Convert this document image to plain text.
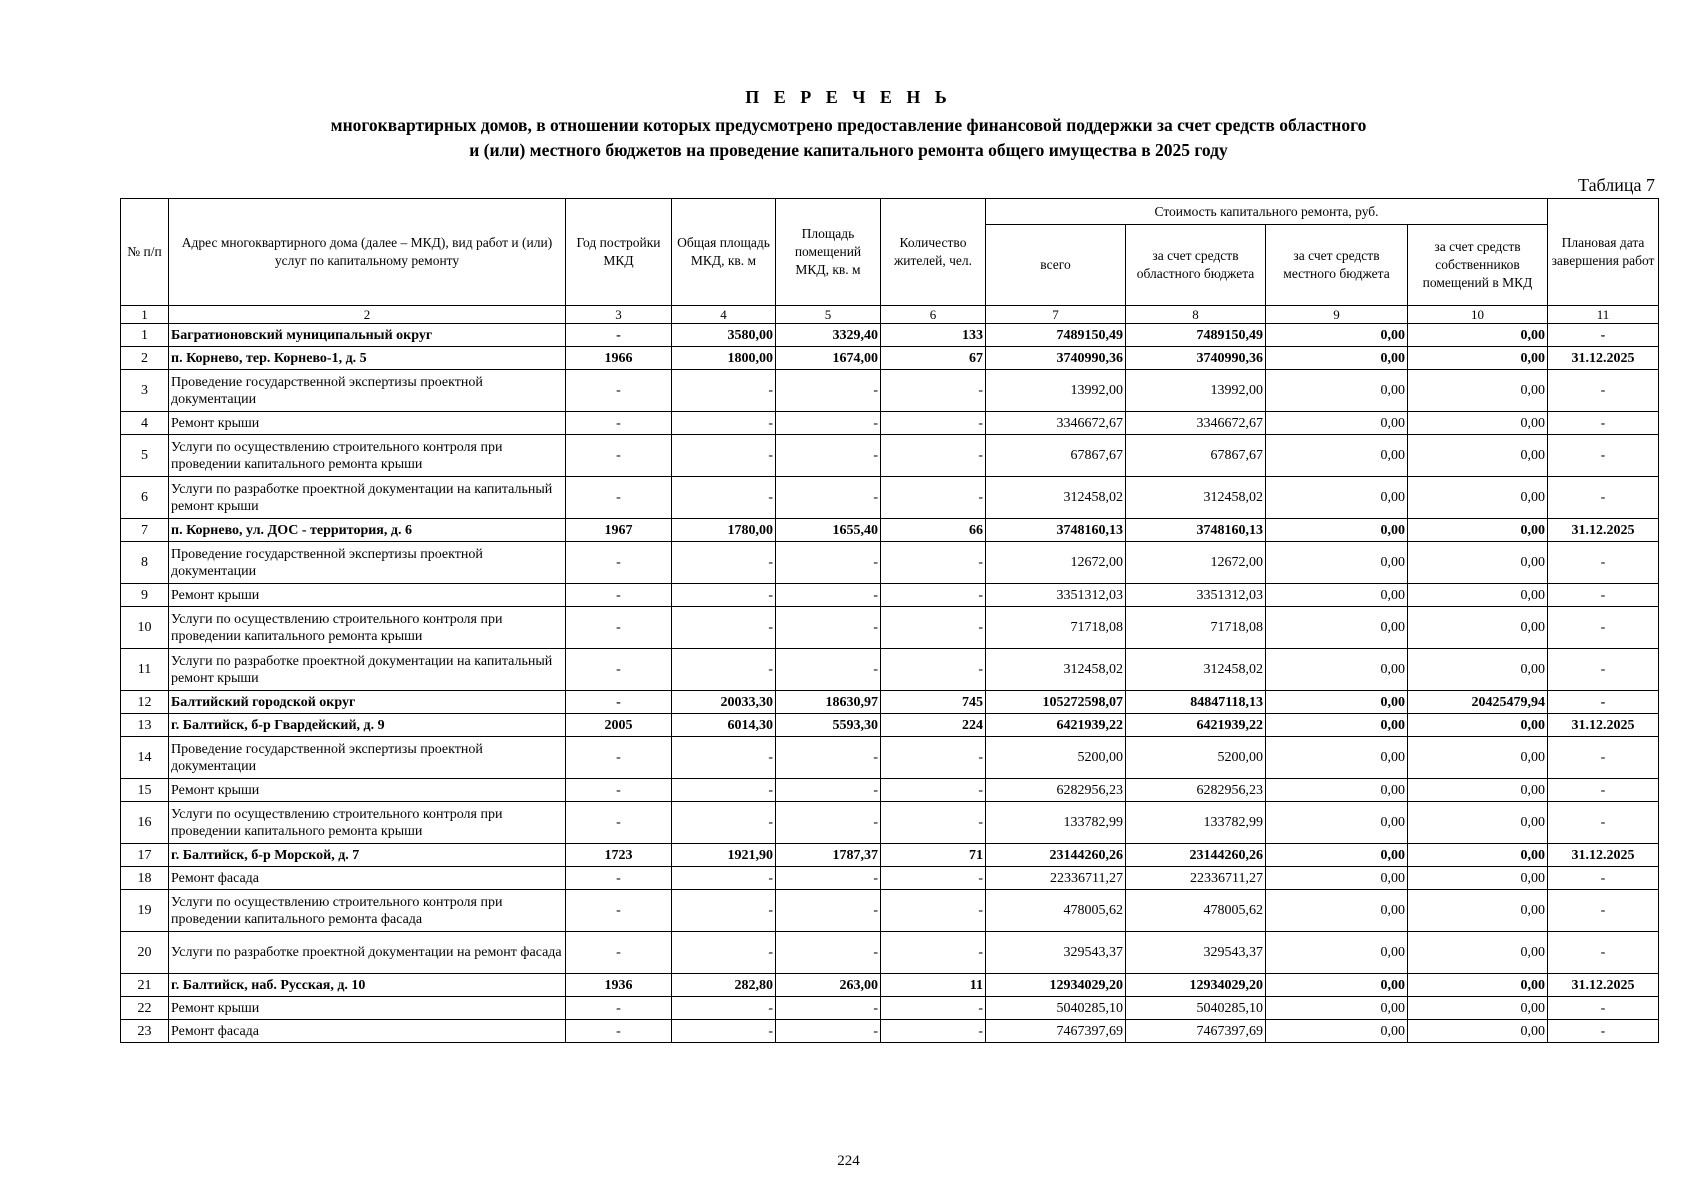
П Е Р Е Ч Е Н Ь
многоквартирных домов, в отношении которых предусмотрено предоставление финансовой поддержки за счет средств областного
и (или) местного бюджетов на проведение капитального ремонта общего имущества в 2025 году
Таблица 7
№ п/п	Адрес многоквартирного дома (далее – МКД), вид работ и (или) услуг по капитальному ремонту	Год постройки МКД	Общая площадь МКД, кв. м	Площадь помещений МКД, кв. м	Количество жителей, чел.	Стоимость капитального ремонта, руб.				Плановая дата завершения работ
						всего	за счет средств областного бюджета	за счет средств местного бюджета	за счет средств собственников помещений в МКД	
1	2	3	4	5	6	7	8	9	10	11
1	Багратионовский муниципальный округ	-	3580,00	3329,40	133	7489150,49	7489150,49	0,00	0,00	-
2	п. Корнево, тер. Корнево-1, д. 5	1966	1800,00	1674,00	67	3740990,36	3740990,36	0,00	0,00	31.12.2025
3	Проведение государственной экспертизы проектной документации	-	-	-	-	13992,00	13992,00	0,00	0,00	-
4	Ремонт крыши	-	-	-	-	3346672,67	3346672,67	0,00	0,00	-
5	Услуги по осуществлению строительного контроля при проведении капитального ремонта крыши	-	-	-	-	67867,67	67867,67	0,00	0,00	-
6	Услуги по разработке проектной документации на капитальный ремонт крыши	-	-	-	-	312458,02	312458,02	0,00	0,00	-
7	п. Корнево, ул. ДОС - территория, д. 6	1967	1780,00	1655,40	66	3748160,13	3748160,13	0,00	0,00	31.12.2025
8	Проведение государственной экспертизы проектной документации	-	-	-	-	12672,00	12672,00	0,00	0,00	-
9	Ремонт крыши	-	-	-	-	3351312,03	3351312,03	0,00	0,00	-
10	Услуги по осуществлению строительного контроля при проведении капитального ремонта крыши	-	-	-	-	71718,08	71718,08	0,00	0,00	-
11	Услуги по разработке проектной документации на капитальный ремонт крыши	-	-	-	-	312458,02	312458,02	0,00	0,00	-
12	Балтийский городской округ	-	20033,30	18630,97	745	105272598,07	84847118,13	0,00	20425479,94	-
13	г. Балтийск, б-р Гвардейский, д. 9	2005	6014,30	5593,30	224	6421939,22	6421939,22	0,00	0,00	31.12.2025
14	Проведение государственной экспертизы проектной документации	-	-	-	-	5200,00	5200,00	0,00	0,00	-
15	Ремонт крыши	-	-	-	-	6282956,23	6282956,23	0,00	0,00	-
16	Услуги по осуществлению строительного контроля при проведении капитального ремонта крыши	-	-	-	-	133782,99	133782,99	0,00	0,00	-
17	г. Балтийск, б-р Морской, д. 7	1723	1921,90	1787,37	71	23144260,26	23144260,26	0,00	0,00	31.12.2025
18	Ремонт фасада	-	-	-	-	22336711,27	22336711,27	0,00	0,00	-
19	Услуги по осуществлению строительного контроля при проведении капитального ремонта фасада	-	-	-	-	478005,62	478005,62	0,00	0,00	-
20	Услуги по разработке проектной документации на ремонт фасада	-	-	-	-	329543,37	329543,37	0,00	0,00	-
21	г. Балтийск, наб. Русская, д. 10	1936	282,80	263,00	11	12934029,20	12934029,20	0,00	0,00	31.12.2025
22	Ремонт крыши	-	-	-	-	5040285,10	5040285,10	0,00	0,00	-
23	Ремонт фасада	-	-	-	-	7467397,69	7467397,69	0,00	0,00	-
224
